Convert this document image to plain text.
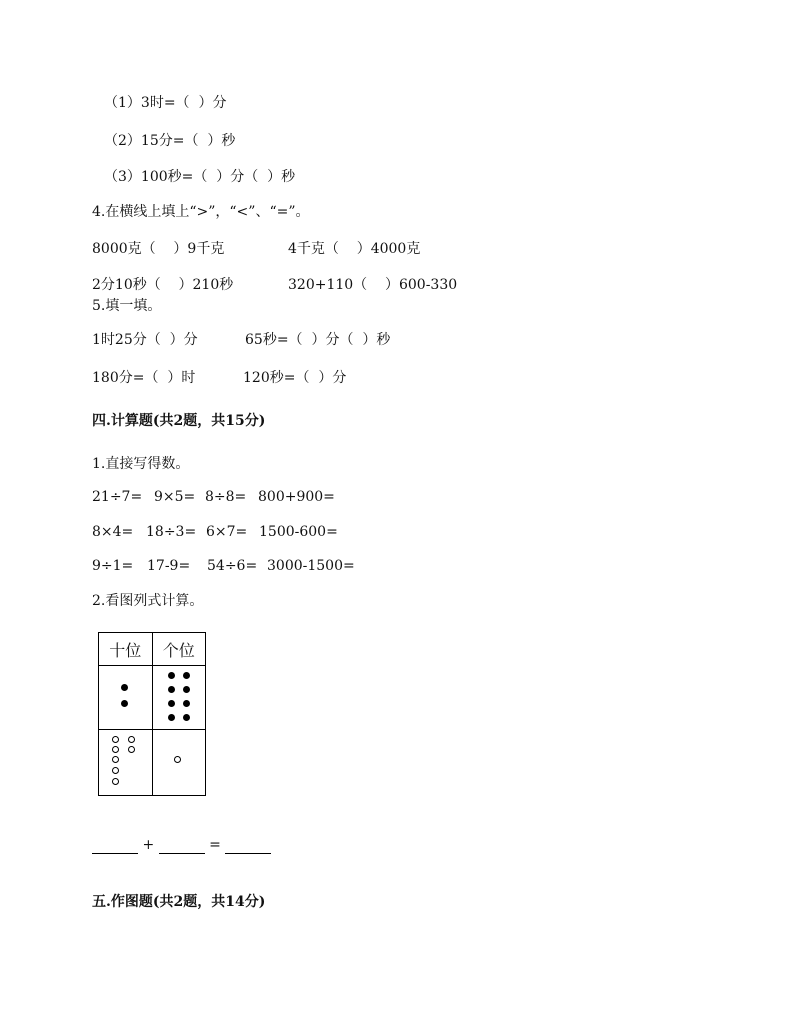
（1）3时=（  ）分
（2）15分=（  ）秒
（3）100秒=（  ）分（  ）秒
4.在横线上填上“>”，“<”、“=”。
8000克（    ）9千克	4千克（    ）4000克
2分10秒（    ）210秒	320+110（    ）600-330
5.填一填。
1时25分（  ）分	65秒=（  ）分（  ）秒
180分=（  ）时	120秒=（  ）分
四.计算题(共2题，共15分)
1.直接写得数。
21÷7= 9×5= 8÷8= 800+900=
8×4= 18÷3= 6×7= 1500-600=
9÷1= 17-9= 54÷6= 3000-1500=
2.看图列式计算。
十位	个位

+	=
五.作图题(共2题，共14分)
